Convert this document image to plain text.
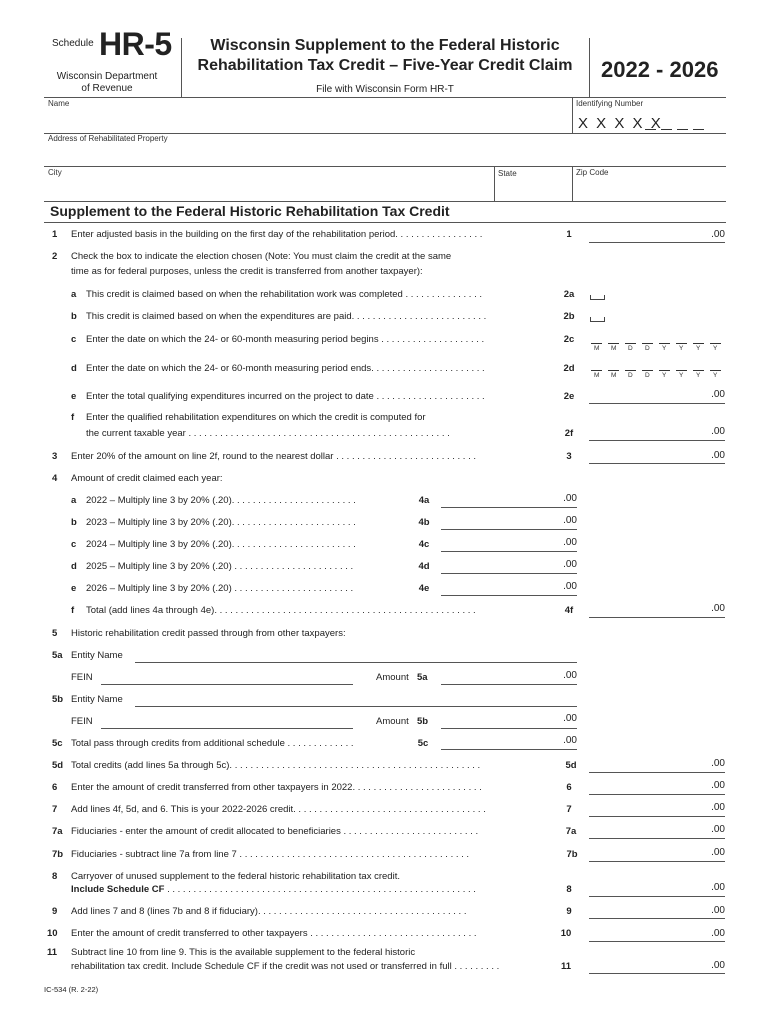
Schedule HR-5
Wisconsin Department
of Revenue
Wisconsin Supplement to the Federal Historic Rehabilitation Tax Credit – Five-Year Credit Claim
File with Wisconsin Form HR-T
2022 - 2026
Name	Identifying Number
X X X X X
Address of Rehabilitated Property
City	State	Zip Code
Supplement to the Federal Historic Rehabilitation Tax Credit
1 Enter adjusted basis in the building on the first day of the rehabilitation period. . . . . . . . . . . . . . . . .	1	.00
2 Check the box to indicate the election chosen (Note: You must claim the credit at the same
time as for federal purposes, unless the credit is transferred from another taxpayer):
a This credit is claimed based on when the rehabilitation work was completed . . . . . . . . . . . . . . .	2a
b This credit is claimed based on when the expenditures are paid. . . . . . . . . . . . . . . . . . . . . . . . . .	2b
c Enter the date on which the 24- or 60-month measuring period begins . . . . . . . . . . . . . . . . . . . .	2c
M M D D Y Y Y Y
d Enter the date on which the 24- or 60-month measuring period ends. . . . . . . . . . . . . . . . . . . . . .	2d
M M D D Y Y Y Y
e Enter the total qualifying expenditures incurred on the project to date . . . . . . . . . . . . . . . . . . . . .	2e	.00
f Enter the qualified rehabilitation expenditures on which the credit is computed for
the current taxable year . . . . . . . . . . . . . . . . . . . . . . . . . . . . . . . . . . . . . . . . . . . . . . . . . .	2f	.00
3 Enter 20% of the amount on line 2f, round to the nearest dollar . . . . . . . . . . . . . . . . . . . . . . . . . . .	3	.00
4 Amount of credit claimed each year:
a 2022 – Multiply line 3 by 20% (.20). . . . . . . . . . . . . . . . . . . . . . . .	4a	.00
b 2023 – Multiply line 3 by 20% (.20). . . . . . . . . . . . . . . . . . . . . . . .	4b	.00
c 2024 – Multiply line 3 by 20% (.20). . . . . . . . . . . . . . . . . . . . . . . .	4c	.00
d 2025 – Multiply line 3 by 20% (.20) . . . . . . . . . . . . . . . . . . . . . . .	4d	.00
e 2026 – Multiply line 3 by 20% (.20) . . . . . . . . . . . . . . . . . . . . . . .	4e	.00
f Total (add lines 4a through 4e). . . . . . . . . . . . . . . . . . . . . . . . . . . . . . . . . . . . . . . . . . . . . . . . . .	4f	.00
5 Historic rehabilitation credit passed through from other taxpayers:
5a Entity Name
FEIN	Amount 5a	.00
5b Entity Name
FEIN	Amount 5b	.00
5c Total pass through credits from additional schedule . . . . . . . . . . . . .	5c	.00
5d Total credits (add lines 5a through 5c). . . . . . . . . . . . . . . . . . . . . . . . . . . . . . . . . . . . . . . . . . . . . . . .	5d	.00
6 Enter the amount of credit transferred from other taxpayers in 2022. . . . . . . . . . . . . . . . . . . . . . . . .	6	.00
7 Add lines 4f, 5d, and 6. This is your 2022-2026 credit. . . . . . . . . . . . . . . . . . . . . . . . . . . . . . . . . . . . .	7	.00
7a Fiduciaries - enter the amount of credit allocated to beneficiaries . . . . . . . . . . . . . . . . . . . . . . . . . .	7a	.00
7b Fiduciaries - subtract line 7a from line 7 . . . . . . . . . . . . . . . . . . . . . . . . . . . . . . . . . . . . . . . . . . . .	7b	.00
8 Carryover of unused supplement to the federal historic rehabilitation tax credit.
Include Schedule CF . . . . . . . . . . . . . . . . . . . . . . . . . . . . . . . . . . . . . . . . . . . . . . . . . . . . . . . . . . .	8	.00
9 Add lines 7 and 8 (lines 7b and 8 if fiduciary). . . . . . . . . . . . . . . . . . . . . . . . . . . . . . . . . . . . . . . .	9	.00
10 Enter the amount of credit transferred to other taxpayers . . . . . . . . . . . . . . . . . . . . . . . . . . . . . . . .	10	.00
11 Subtract line 10 from line 9. This is the available supplement to the federal historic
rehabilitation tax credit. Include Schedule CF if the credit was not used or transferred in full . . . . . . . . .	11	.00
IC-534 (R. 2-22)
